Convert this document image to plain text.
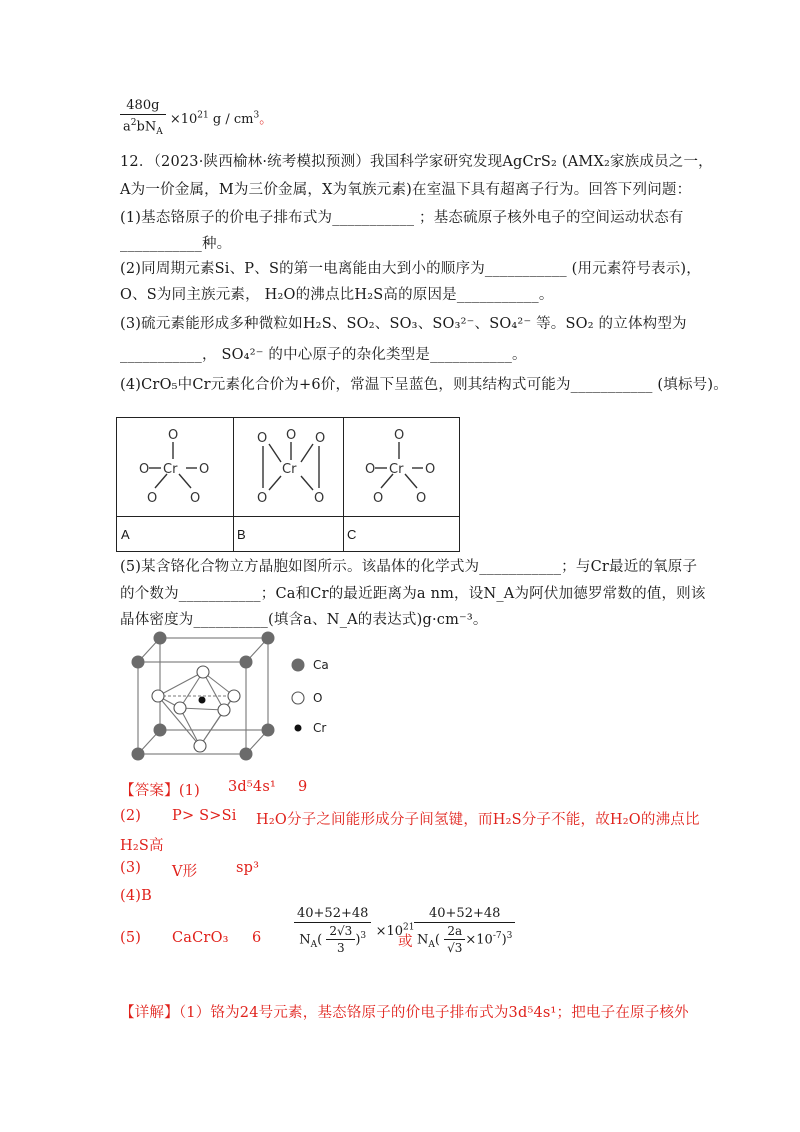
$\frac{480g}{a^2bN_A} \times 10^{21}$ g / $cm^3$。
12．（2023·陕西榆林·统考模拟预测）我国科学家研究发现AgCrS₂ (AMX₂家族成员之一，
A为一价金属，M为三价金属，X为氧族元素)在室温下具有超离子行为。回答下列问题：
(1)基态铬原子的价电子排布式为___________ ；基态硫原子核外电子的空间运动状态有
___________种。
(2)同周期元素Si、P、S的第一电离能由大到小的顺序为___________ (用元素符号表示)，
O、S为同主族元素， H₂O的沸点比H₂S高的原因是___________。
(3)硫元素能形成多种微粒如H₂S、SO₂、SO₃、SO₃²⁻、SO₄²⁻ 等。SO₂ 的立体构型为
___________， SO₄²⁻ 的中心原子的杂化类型是___________。
(4)CrO₅中Cr元素化合价为+6价，常温下呈蓝色，则其结构式可能为___________ (填标号)。
O
O Cr O
O	O
A
O O O
Cr
O	O
B
O
O Cr O
O	O
C
(5)某含铬化合物立方晶胞如图所示。该晶体的化学式为___________；与Cr最近的氧原子
的个数为___________；Ca和Cr的最近距离为a nm，设N_A为阿伏加德罗常数的值，则该
晶体密度为__________(填含a、N_A的表达式)g·cm⁻³。
Ca
O
Cr
【答案】(1) 3d⁵4s¹ 9
(2) P> S>Si H₂O分子之间能形成分子间氢键，而H₂S分子不能，故H₂O的沸点比
H₂S高
(3) V形	sp³
(4)B
(5) CaCrO₃ 6	$\frac{40+52+48}{N_A( \frac{2√3}{3} )^3} \times 10^{21}$
或 $\frac{40+52+48}{N_A( \frac{2a}{√3} \times 10^{-7})^3}$
【详解】（1）铬为24号元素，基态铬原子的价电子排布式为3d⁵4s¹；把电子在原子核外
